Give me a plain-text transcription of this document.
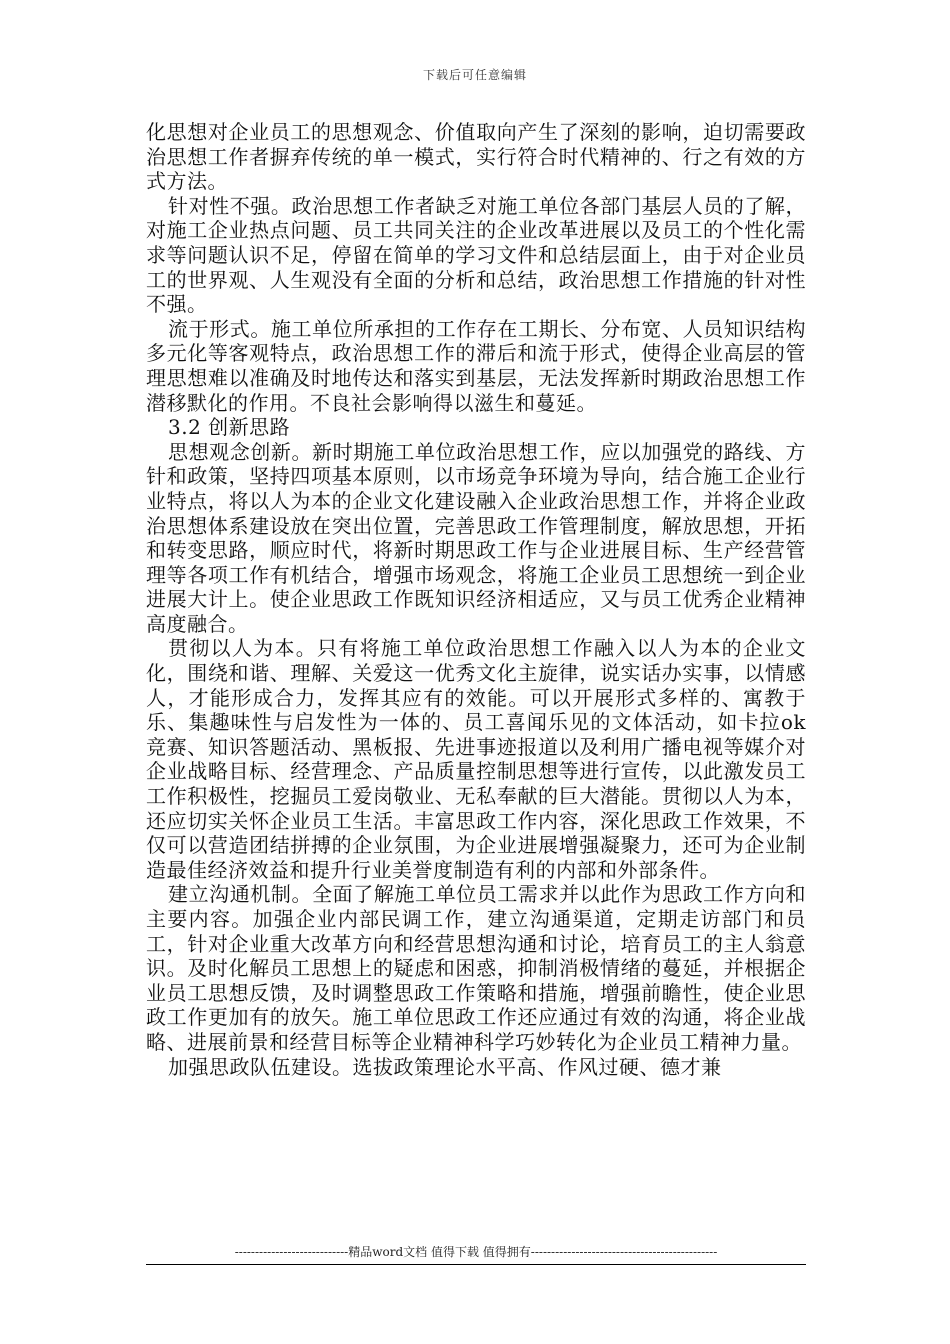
下载后可任意编辑

化思想对企业员工的思想观念、价值取向产生了深刻的影响，迫切需要政治思想工作者摒弃传统的单一模式，实行符合时代精神的、行之有效的方式方法。

针对性不强。政治思想工作者缺乏对施工单位各部门基层人员的了解，对施工企业热点问题、员工共同关注的企业改革进展以及员工的个性化需求等问题认识不足，停留在简单的学习文件和总结层面上，由于对企业员工的世界观、人生观没有全面的分析和总结，政治思想工作措施的针对性不强。

流于形式。施工单位所承担的工作存在工期长、分布宽、人员知识结构多元化等客观特点，政治思想工作的滞后和流于形式，使得企业高层的管理思想难以准确及时地传达和落实到基层，无法发挥新时期政治思想工作潜移默化的作用。不良社会影响得以滋生和蔓延。

3.2 创新思路

思想观念创新。新时期施工单位政治思想工作，应以加强党的路线、方针和政策，坚持四项基本原则，以市场竞争环境为导向，结合施工企业行业特点，将以人为本的企业文化建设融入企业政治思想工作，并将企业政治思想体系建设放在突出位置，完善思政工作管理制度，解放思想，开拓和转变思路，顺应时代，将新时期思政工作与企业进展目标、生产经营管理等各项工作有机结合，增强市场观念，将施工企业员工思想统一到企业进展大计上。使企业思政工作既知识经济相适应，又与员工优秀企业精神高度融合。

贯彻以人为本。只有将施工单位政治思想工作融入以人为本的企业文化，围绕和谐、理解、关爱这一优秀文化主旋律，说实话办实事，以情感人，才能形成合力，发挥其应有的效能。可以开展形式多样的、寓教于乐、集趣味性与启发性为一体的、员工喜闻乐见的文体活动，如卡拉ok竞赛、知识答题活动、黑板报、先进事迹报道以及利用广播电视等媒介对企业战略目标、经营理念、产品质量控制思想等进行宣传，以此激发员工工作积极性，挖掘员工爱岗敬业、无私奉献的巨大潜能。贯彻以人为本，还应切实关怀企业员工生活。丰富思政工作内容，深化思政工作效果，不仅可以营造团结拼搏的企业氛围，为企业进展增强凝聚力，还可为企业制造最佳经济效益和提升行业美誉度制造有利的内部和外部条件。

建立沟通机制。全面了解施工单位员工需求并以此作为思政工作方向和主要内容。加强企业内部民调工作，建立沟通渠道，定期走访部门和员工，针对企业重大改革方向和经营思想沟通和讨论，培育员工的主人翁意识。及时化解员工思想上的疑虑和困惑，抑制消极情绪的蔓延，并根据企业员工思想反馈，及时调整思政工作策略和措施，增强前瞻性，使企业思政工作更加有的放矢。施工单位思政工作还应通过有效的沟通，将企业战略、进展前景和经营目标等企业精神科学巧妙转化为企业员工精神力量。

加强思政队伍建设。选拔政策理论水平高、作风过硬、德才兼

----------------------------精品word文档 值得下载 值得拥有----------------------------------------------
